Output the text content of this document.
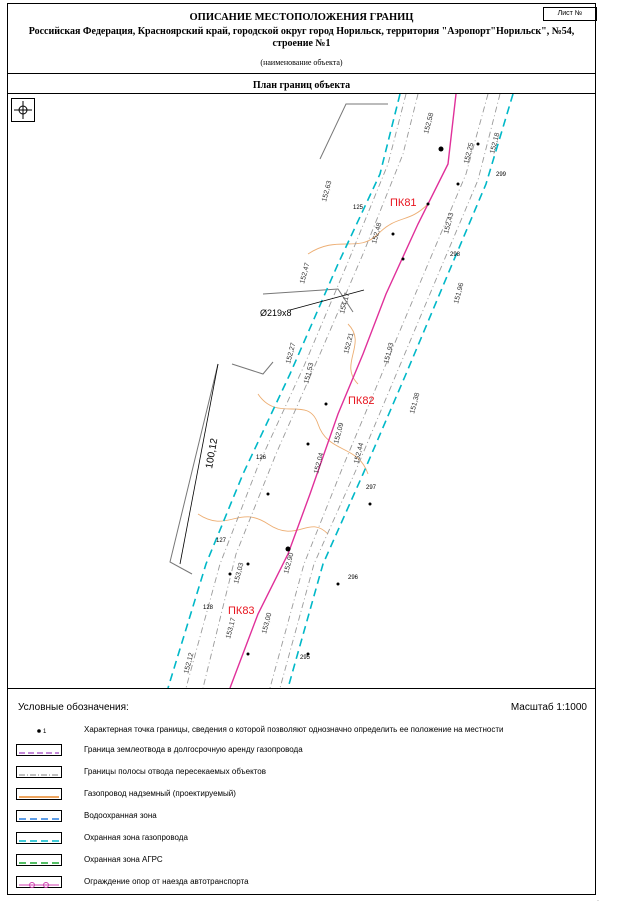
Лист №
ОПИСАНИЕ МЕСТОПОЛОЖЕНИЯ ГРАНИЦ
Российская Федерация, Красноярский край, городской округ город Норильск, территория "Аэропорт"Норильск", №54,
строение №1
(наименование объекта)
План границ объекта
ПК81
ПК82
ПК83
Ø219x8
100,12
125
126
127
128
295
296
297
298
299
152,63
152,58
152,48
152,47
152,43
152,25 152,18
151,96
152,21	151,93
152,09
152,04
153,03	152,90
151,53
152,27
151,38
152,44
153,00
153,17
154,17
152,12
Условные обозначения:	Масштаб 1:1000
1	Характерная точка границы, сведения о которой позволяют однозначно определить ее положение на местности
Граница землеотвода в долгосрочную аренду газопровода
Границы полосы отвода пересекаемых объектов
Газопровод надземный (проектируемый)
Водоохранная зона
Охранная зона газопровода
Охранная зона АГРС
Ограждение опор от наезда автотранспорта
·
